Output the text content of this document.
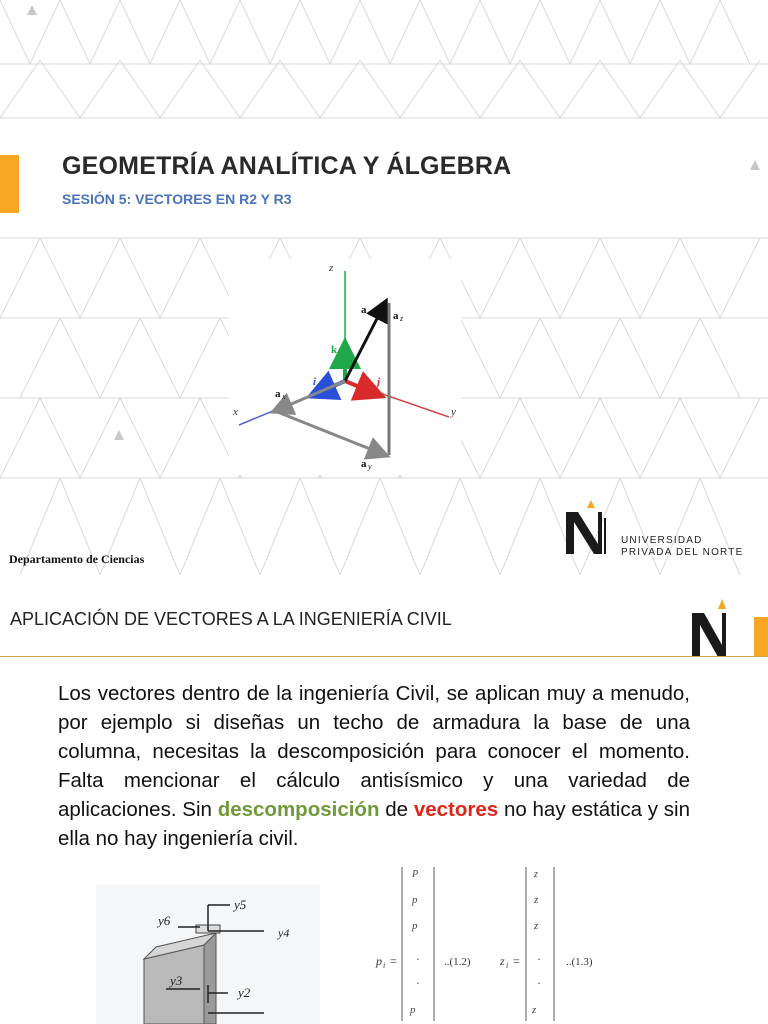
GEOMETRÍA ANALÍTICA Y ÁLGEBRA
SESIÓN 5: VECTORES EN R2 Y R3
z
x	y
a a z
a x
a y
k
i	j
Departamento de Ciencias
UNIVERSIDAD
PRIVADA DEL NORTE
APLICACIÓN DE VECTORES A LA INGENIERÍA CIVIL
Los vectores dentro de la ingeniería Civil, se aplican muy a menudo, por ejemplo si diseñas un techo de armadura la base de una columna, necesitas la descomposición para conocer el momento. Falta mencionar el cálculo antisísmico y una variedad de aplicaciones. Sin descomposición de vectores no hay estática y sin ella no hay ingeniería civil.
y5
y6
y4
y3
y2
p i =
P
p
p
·
·
p
..(1.2) z i =
z
z
z
·
·
z
..(1.3)
